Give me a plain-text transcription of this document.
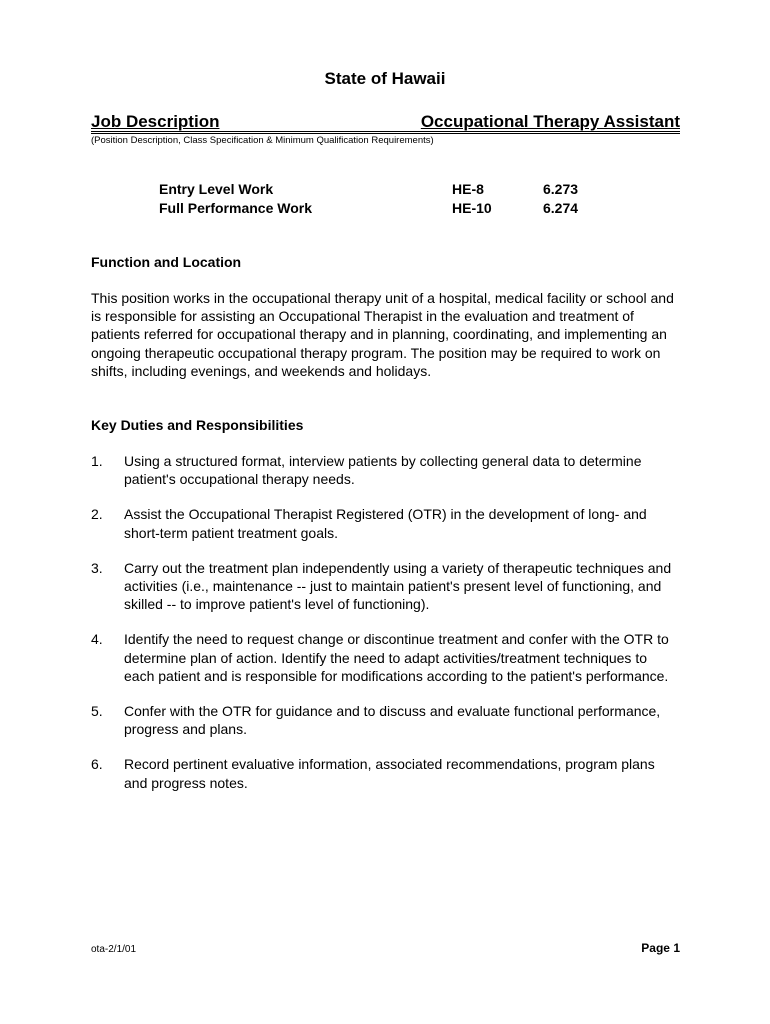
State of Hawaii
Job Description	Occupational Therapy Assistant
(Position Description, Class Specification & Minimum Qualification Requirements)
Entry Level Work	HE-8	6.273
Full Performance Work	HE-10	6.274
Function and Location
This position works in the occupational therapy unit of a hospital, medical facility or school and is responsible for assisting an Occupational Therapist in the evaluation and treatment of patients referred for occupational therapy and in planning, coordinating, and implementing an ongoing therapeutic occupational therapy program. The position may be required to work on shifts, including evenings, and weekends and holidays.
Key Duties and Responsibilities
1. Using a structured format, interview patients by collecting general data to determine patient's occupational therapy needs.
2. Assist the Occupational Therapist Registered (OTR) in the development of long- and short-term patient treatment goals.
3. Carry out the treatment plan independently using a variety of therapeutic techniques and activities (i.e., maintenance -- just to maintain patient's present level of functioning, and skilled -- to improve patient's level of functioning).
4. Identify the need to request change or discontinue treatment and confer with the OTR to determine plan of action. Identify the need to adapt activities/treatment techniques to each patient and is responsible for modifications according to the patient's performance.
5. Confer with the OTR for guidance and to discuss and evaluate functional performance, progress and plans.
6. Record pertinent evaluative information, associated recommendations, program plans and progress notes.
ota-2/1/01	Page 1
